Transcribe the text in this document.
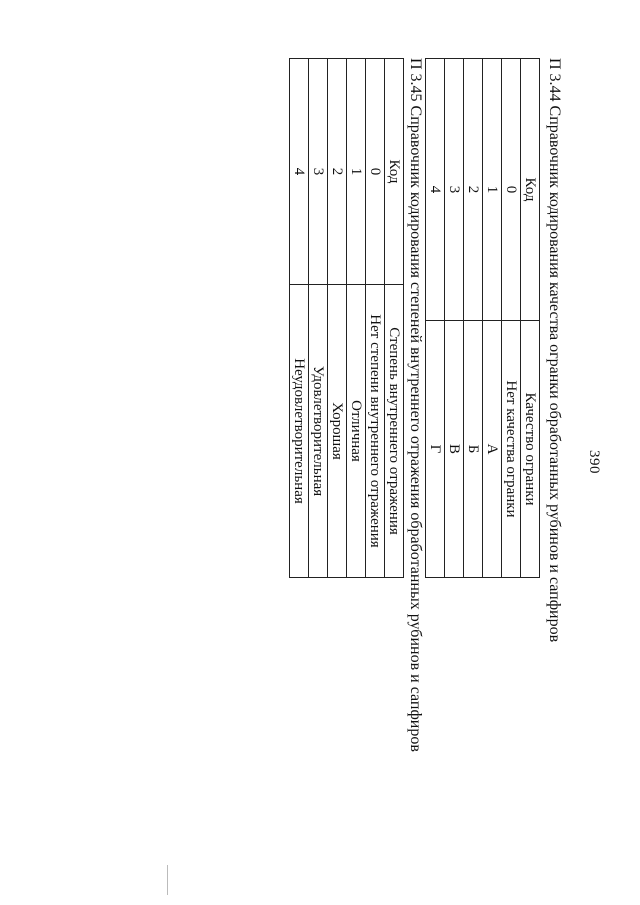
390
П 3.44 Справочник кодирования качества огранки обработанных рубинов и сапфиров
Код	Качество огранки
0	Нет качества огранки
1	А
2	Б
3	В
4	Г
П 3.45 Справочник кодирования степеней внутреннего отражения обработанных рубинов и сапфиров
Код	Степень внутреннего отражения
0	Нет степени внутреннего отражения
1	Отличная
2	Хорошая
3	Удовлетворительная
4	Неудовлетворительная
